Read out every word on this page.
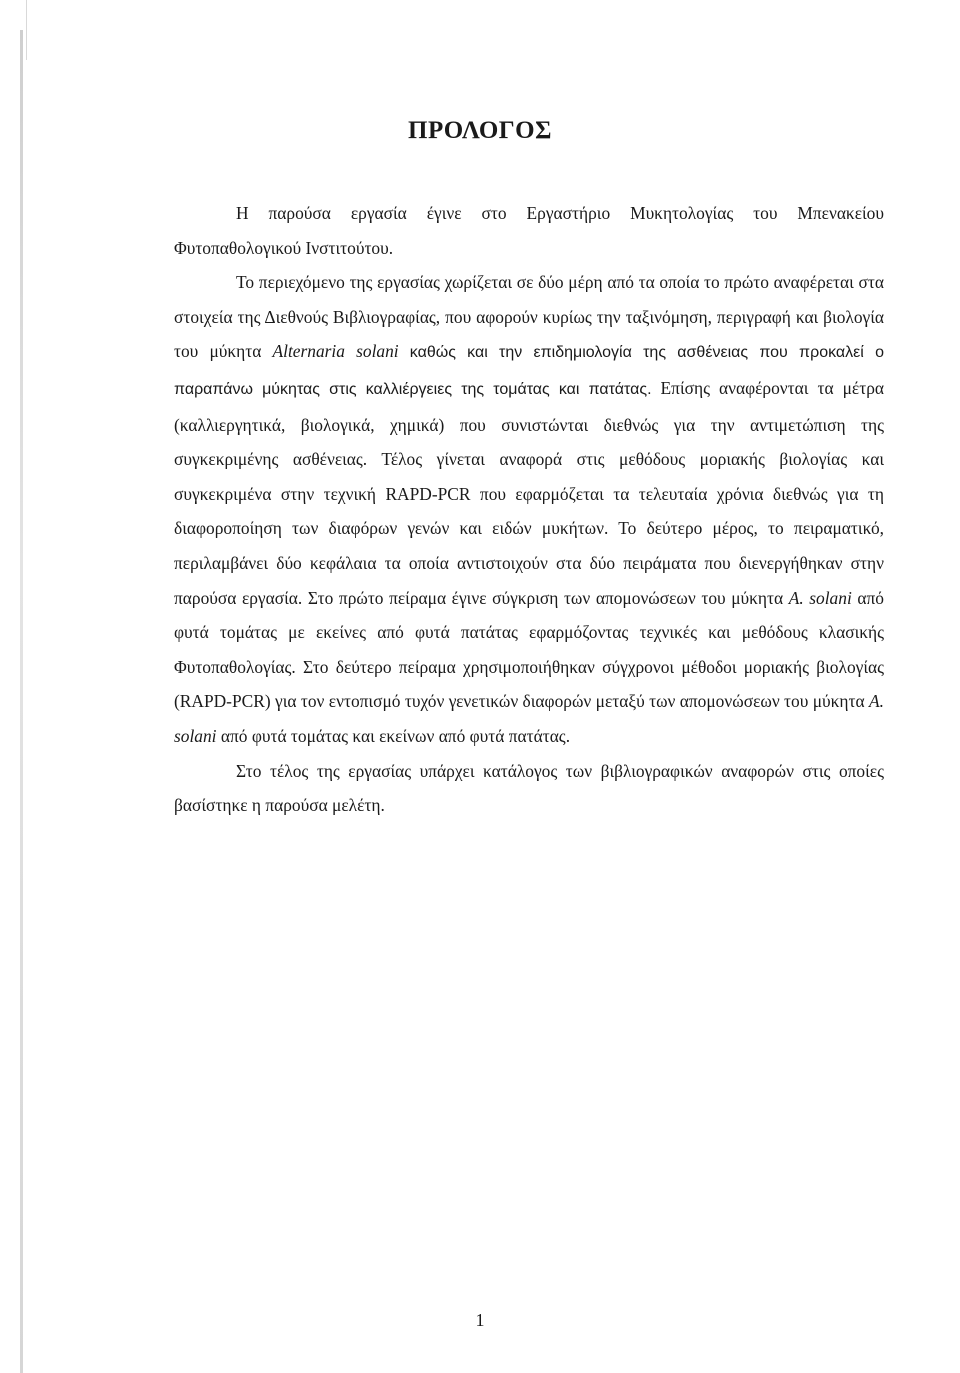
ΠΡΟΛΟΓΟΣ

Η παρούσα εργασία έγινε στο Εργαστήριο Μυκητολογίας του Μπενακείου Φυτοπαθολογικού Ινστιτούτου.

Το περιεχόμενο της εργασίας χωρίζεται σε δύο μέρη από τα οποία το πρώτο αναφέρεται στα στοιχεία της Διεθνούς Βιβλιογραφίας, που αφορούν κυρίως την ταξινόμηση, περιγραφή και βιολογία του μύκητα Alternaria solani καθώς και την επιδημιολογία της ασθένειας που προκαλεί ο παραπάνω μύκητας στις καλλιέργειες της τομάτας και πατάτας. Επίσης αναφέρονται τα μέτρα (καλλιεργητικά, βιολογικά, χημικά) που συνιστώνται διεθνώς για την αντιμετώπιση της συγκεκριμένης ασθένειας. Τέλος γίνεται αναφορά στις μεθόδους μοριακής βιολογίας και συγκεκριμένα στην τεχνική RAPD-PCR που εφαρμόζεται τα τελευταία χρόνια διεθνώς για τη διαφοροποίηση των διαφόρων γενών και ειδών μυκήτων. Το δεύτερο μέρος, το πειραματικό, περιλαμβάνει δύο κεφάλαια τα οποία αντιστοιχούν στα δύο πειράματα που διενεργήθηκαν στην παρούσα εργασία. Στο πρώτο πείραμα έγινε σύγκριση των απομονώσεων του μύκητα A. solani από φυτά τομάτας με εκείνες από φυτά πατάτας εφαρμόζοντας τεχνικές και μεθόδους κλασικής Φυτοπαθολογίας. Στο δεύτερο πείραμα χρησιμοποιήθηκαν σύγχρονοι μέθοδοι μοριακής βιολογίας (RAPD-PCR) για τον εντοπισμό τυχόν γενετικών διαφορών μεταξύ των απομονώσεων του μύκητα A. solani από φυτά τομάτας και εκείνων από φυτά πατάτας.

Στο τέλος της εργασίας υπάρχει κατάλογος των βιβλιογραφικών αναφορών στις οποίες βασίστηκε η παρούσα μελέτη.

1
